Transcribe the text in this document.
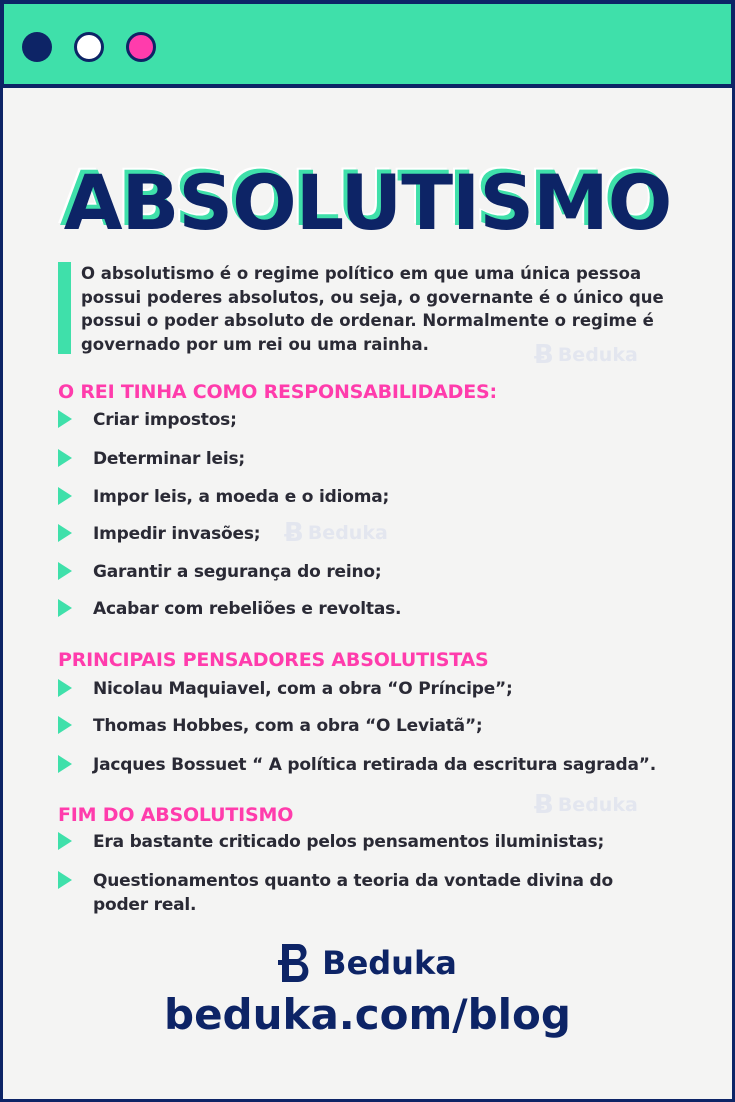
ABSOLUTISMO
O absolutismo é o regime político em que uma única pessoa possui poderes absolutos, ou seja, o governante é o único que possui o poder absoluto de ordenar. Normalmente o regime é governado por um rei ou uma rainha.	Ƀ Beduka
Ƀ Beduka
Ƀ Beduka
O REI TINHA COMO RESPONSABILIDADES:
Criar impostos;
Determinar leis;
Impor leis, a moeda e o idioma;
Impedir invasões;
Garantir a segurança do reino;
Acabar com rebeliões e revoltas.
PRINCIPAIS PENSADORES ABSOLUTISTAS
Nicolau Maquiavel, com a obra “O Príncipe”;
Thomas Hobbes, com a obra “O Leviatã”;
Jacques Bossuet “ A política retirada da escritura sagrada”.
FIM DO ABSOLUTISMO
Era bastante criticado pelos pensamentos iluministas;
Questionamentos quanto a teoria da vontade divina do poder real.
Beduka
beduka.com/blog
